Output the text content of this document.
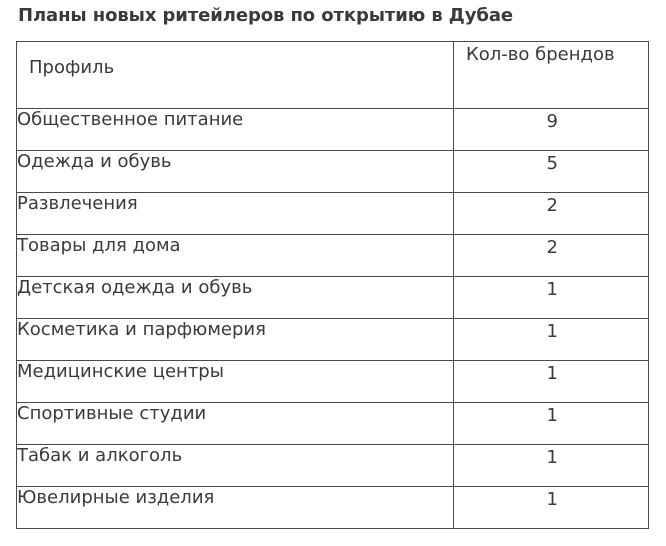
Планы новых ритейлеров по открытию в Дубае
Профиль	Кол-во брендов
Общественное питание	9
Одежда и обувь	5
Развлечения	2
Товары для дома	2
Детская одежда и обувь	1
Косметика и парфюмерия	1
Медицинские центры	1
Спортивные студии	1
Табак и алкоголь	1
Ювелирные изделия	1
